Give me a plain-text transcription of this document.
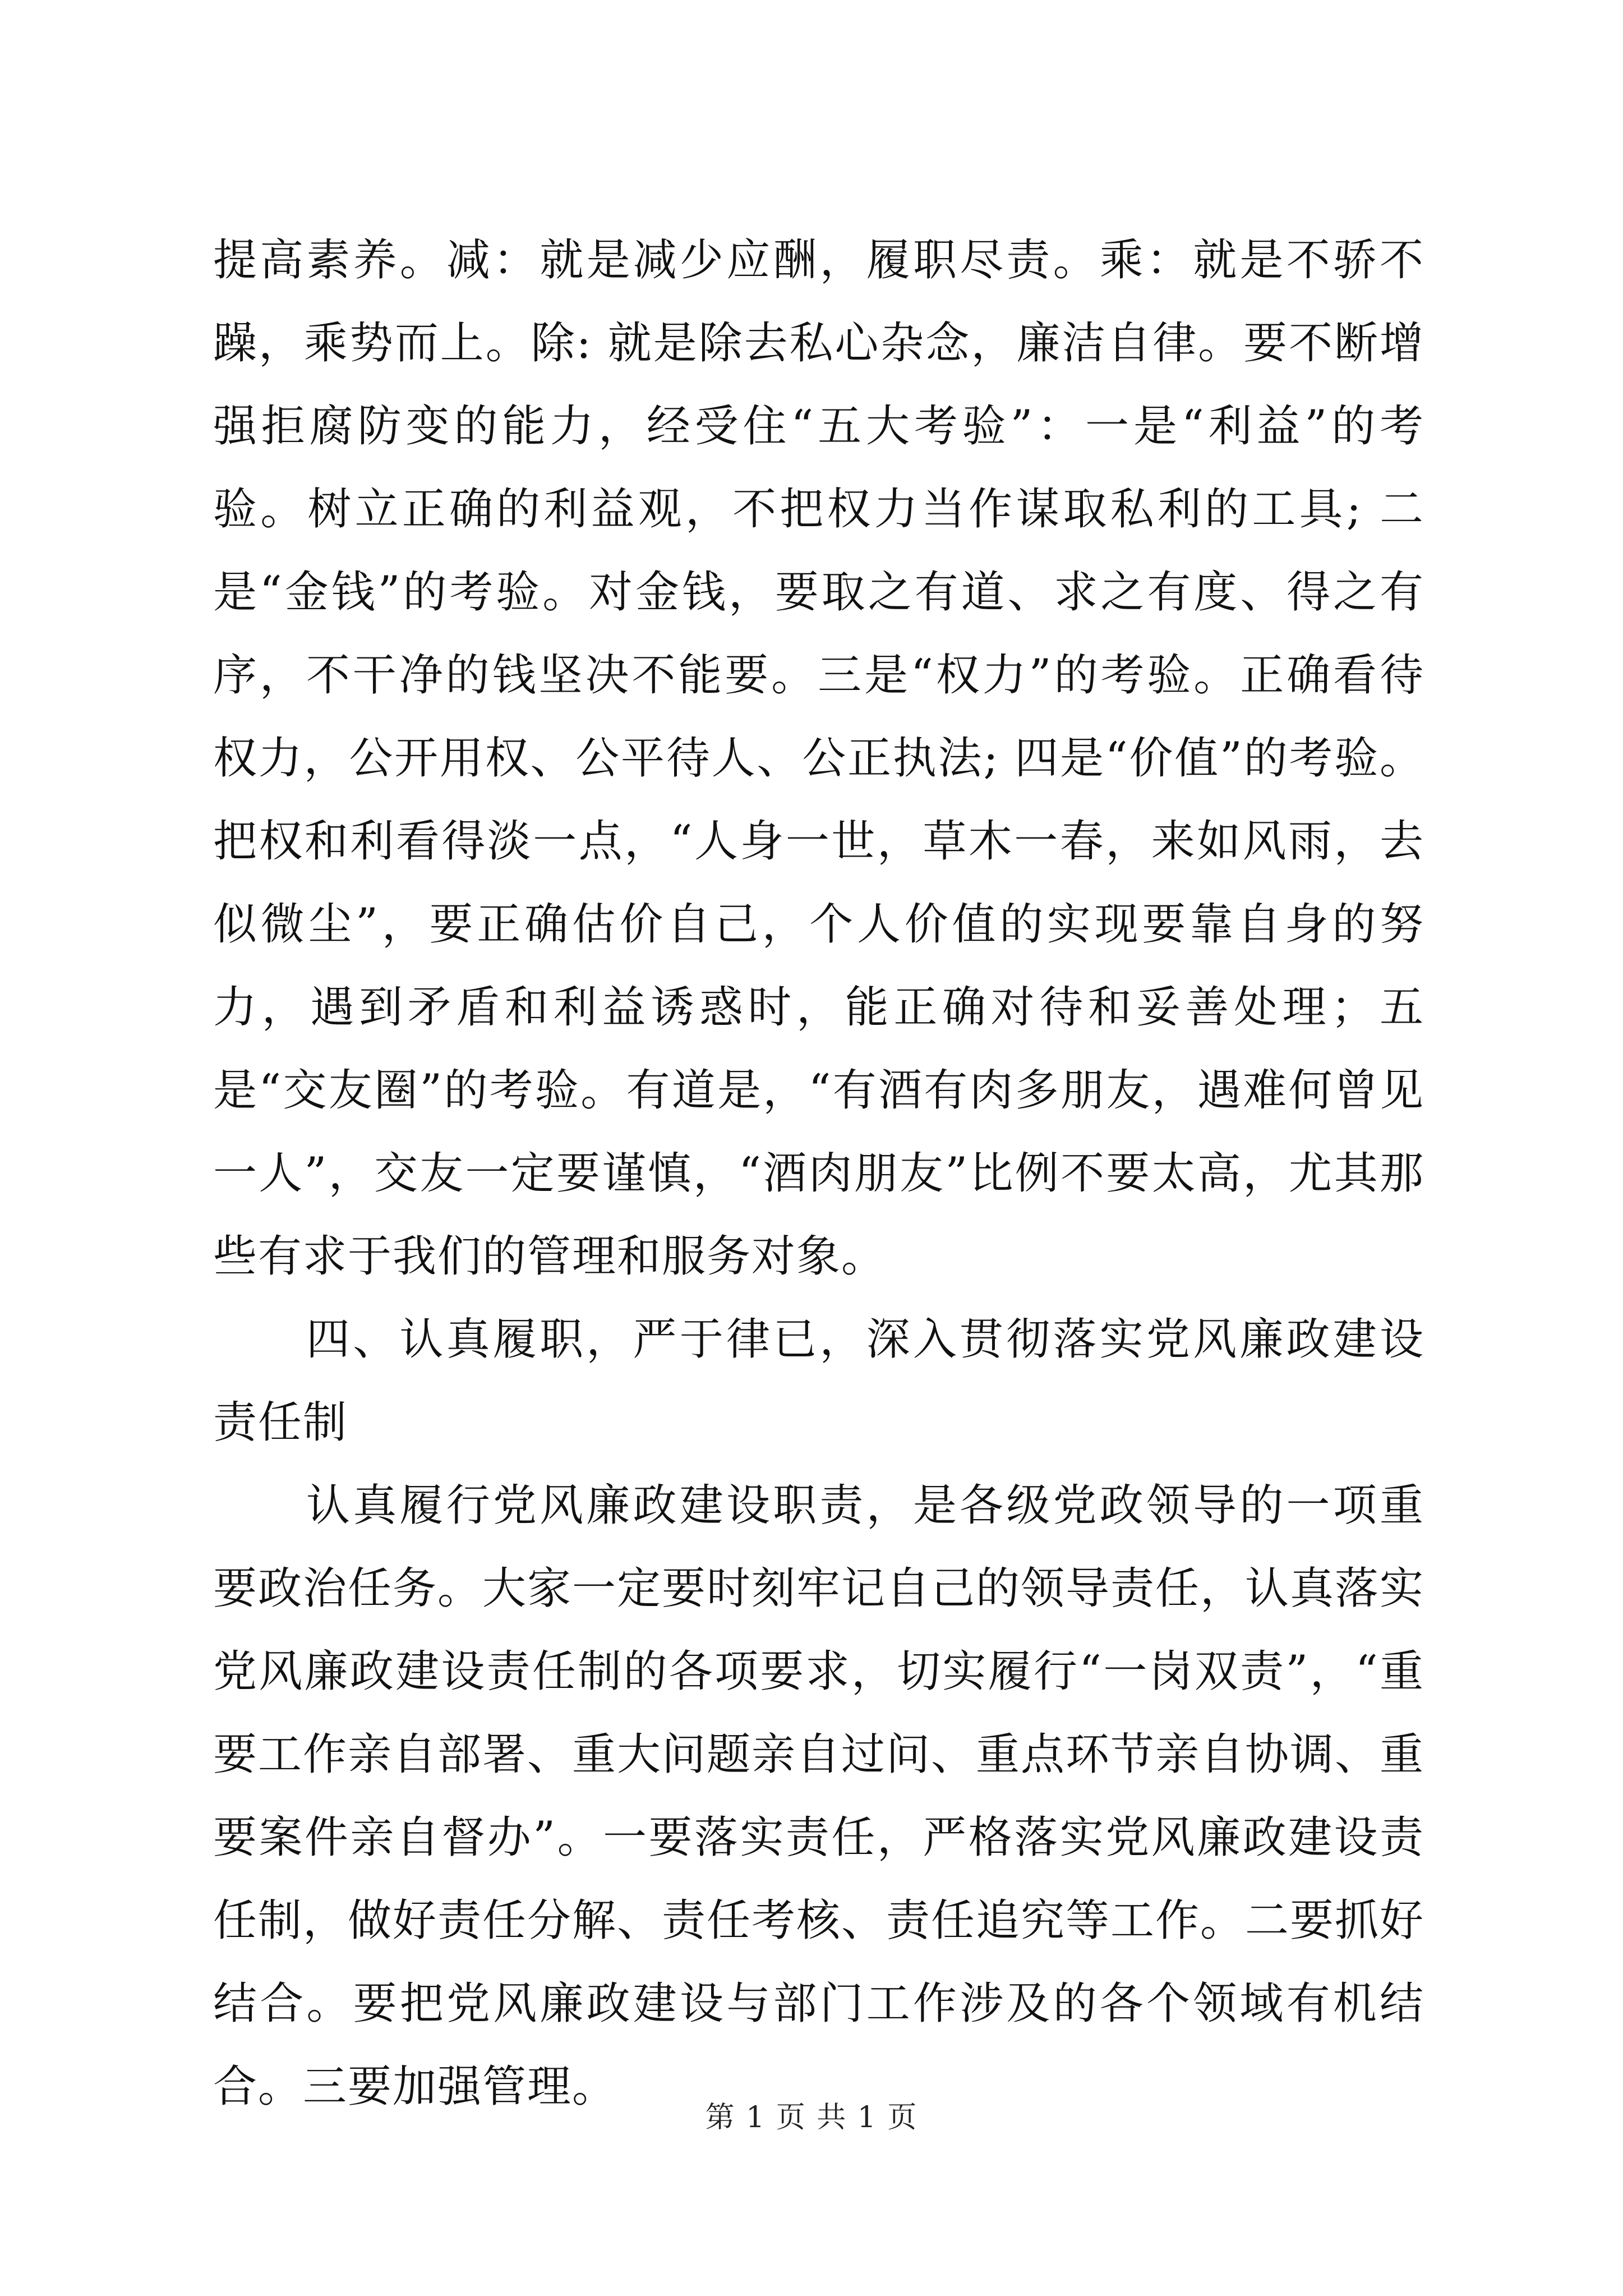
提高素养。减：就是减少应酬，履职尽责。乘：就是不骄不躁，乘势而上。除: 就是除去私心杂念，廉洁自律。要不断增强拒腐防变的能力，经受住“五大考验”：一是“利益”的考验。树立正确的利益观，不把权力当作谋取私利的工具; 二是“金钱”的考验。对金钱，要取之有道、求之有度、得之有序，不干净的钱坚决不能要。三是“权力”的考验。正确看待权力，公开用权、公平待人、公正执法; 四是“价值”的考验。把权和利看得淡一点，“人身一世，草木一春，来如风雨，去似微尘”，要正确估价自己，个人价值的实现要靠自身的努力，遇到矛盾和利益诱惑时，能正确对待和妥善处理；五是“交友圈”的考验。有道是，“有酒有肉多朋友，遇难何曾见一人”，交友一定要谨慎，“酒肉朋友”比例不要太高，尤其那些有求于我们的管理和服务对象。

四、认真履职，严于律已，深入贯彻落实党风廉政建设责任制

认真履行党风廉政建设职责，是各级党政领导的一项重要政治任务。大家一定要时刻牢记自己的领导责任，认真落实党风廉政建设责任制的各项要求，切实履行“一岗双责”，“重要工作亲自部署、重大问题亲自过问、重点环节亲自协调、重要案件亲自督办”。一要落实责任，严格落实党风廉政建设责任制，做好责任分解、责任考核、责任追究等工作。二要抓好结合。要把党风廉政建设与部门工作涉及的各个领域有机结合。三要加强管理。

第 1 页 共 1 页
